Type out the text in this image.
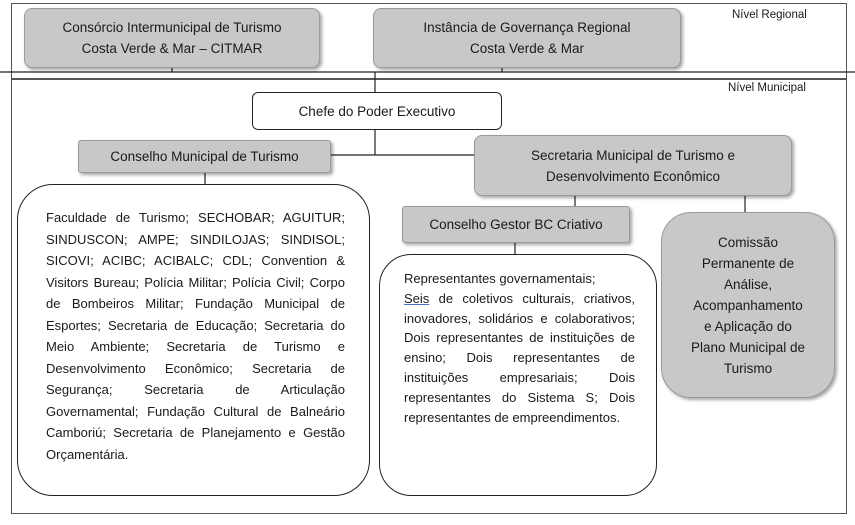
Nível Regional
Nível Municipal
Consórcio Intermunicipal de Turismo
Costa Verde & Mar – CITMAR
Instância de Governança Regional
Costa Verde & Mar
Chefe do Poder Executivo
Conselho Municipal de Turismo	Secretaria Municipal de Turismo e
Desenvolvimento Econômico
Conselho Gestor BC Criativo
Comissão
Permanente de
Análise,
Acompanhamento
e Aplicação do
Plano Municipal de
Turismo

Faculdade de Turismo; SECHOBAR; AGUITUR; SINDUSCON; AMPE; SINDILOJAS; SINDISOL; SICOVI; ACIBC; ACIBALC; CDL; Convention & Visitors Bureau; Polícia Militar; Polícia Civil; Corpo de Bombeiros Militar; Fundação Municipal de Esportes; Secretaria de Educação; Secretaria do Meio Ambiente; Secretaria de Turismo e Desenvolvimento Econômico; Secretaria de Segurança; Secretaria de Articulação Governamental; Fundação Cultural de Balneário Camboriú; Secretaria de Planejamento e Gestão Orçamentária.

Representantes governamentais;
Seis de coletivos culturais, criativos, inovadores, solidários e colaborativos; Dois representantes de instituições de ensino; Dois representantes de instituições empresariais; Dois representantes do Sistema S; Dois representantes de empreendimentos.
